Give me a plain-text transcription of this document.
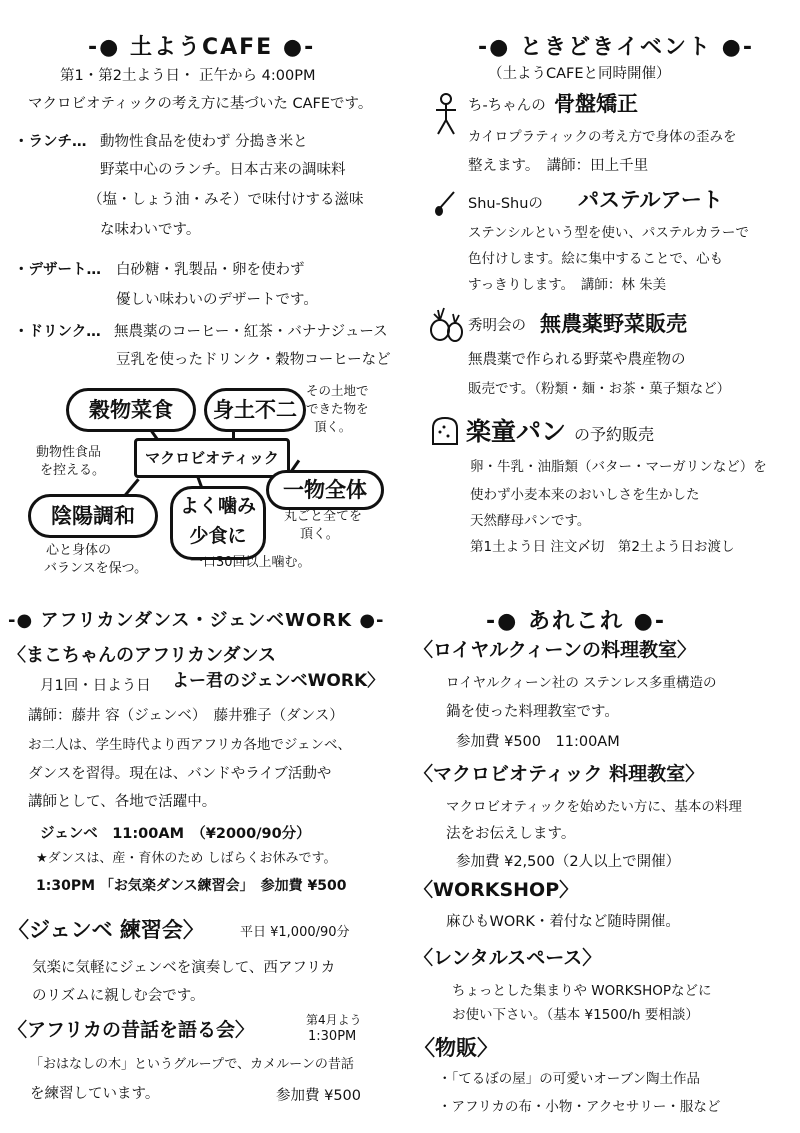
-● 土ようCAFE ●-
第1・第2土よう日・ 正午から 4:00PM
マクロビオティックの考え方に基づいた CAFEです。
・ランチ… 動物性食品を使わず 分搗き米と
野菜中心のランチ。日本古来の調味料
（塩・しょう油・みそ）で味付けする滋味
な味わいです。
・デザート… 白砂糖・乳製品・卵を使わず
優しい味わいのデザートです。
・ドリンク… 無農薬のコーヒー・紅茶・バナナジュース
豆乳を使ったドリンク・穀物コーヒーなど
穀物菜食	身土不二
マクロビオティック
一物全体
陰陽調和	よく噛み
少食に
動物性食品
を控える。
その土地で
できた物を
頂く。
丸ごと全てを
頂く。
心と身体の
バランスを保つ。	一口30回以上噛む。
-● ときどきイベント ●-
（土ようCAFEと同時開催）
ち-ちゃんの 骨盤矯正
カイロプラティックの考え方で身体の歪みを
整えます。　講師：田上千里
Shu-Shuの パステルアート
ステンシルという型を使い、パステルカラーで
色付けします。絵に集中することで、心も
すっきりします。　講師：林 朱美
秀明会の 無農薬野菜販売
無農薬で作られる野菜や農産物の
販売です。（粉類・麺・お茶・菓子類など）
楽童パン の予約販売
卵・牛乳・油脂類（バター・マーガリンなど）を
使わず小麦本来のおいしさを生かした
天然酵母パンです。
第1土よう日 注文〆切　第2土よう日お渡し
-● アフリカンダンス・ジェンベWORK ●-
〈まこちゃんのアフリカンダンス
月1回・日よう日 よー君のジェンベWORK〉
講師：藤井 容（ジェンベ）　藤井雅子（ダンス）
お二人は、学生時代より西アフリカ各地でジェンベ、
ダンスを習得。現在は、バンドやライブ活動や
講師として、各地で活躍中。
ジェンベ　11:00AM　（¥2000/90分）
★ダンスは、産・育休のため しばらくお休みです。
1:30PM 「お気楽ダンス練習会」　参加費 ¥500
〈ジェンベ 練習会〉	平日 ¥1,000/90分
気楽に気軽にジェンベを演奏して、西アフリカ
のリズムに親しむ会です。
〈アフリカの昔話を語る会〉	第4月よう
1:30PM
「おはなしの木」というグループで、カメルーンの昔話
を練習しています。	参加費 ¥500
-● あれこれ ●-
〈ロイヤルクィーンの料理教室〉
ロイヤルクィーン社の ステンレス多重構造の
鍋を使った料理教室です。
参加費 ¥500　11:00AM
〈マクロビオティック 料理教室〉
マクロビオティックを始めたい方に、基本の料理
法をお伝えします。
参加費 ¥2,500（2人以上で開催）
〈WORKSHOP〉
麻ひもWORK・着付など随時開催。
〈レンタルスペース〉
ちょっとした集まりや WORKSHOPなどに
お使い下さい。（基本 ¥1500/h 要相談）
〈物販〉
・「てるぼの屋」の可愛いオーブン陶土作品
・アフリカの布・小物・アクセサリー・服など
